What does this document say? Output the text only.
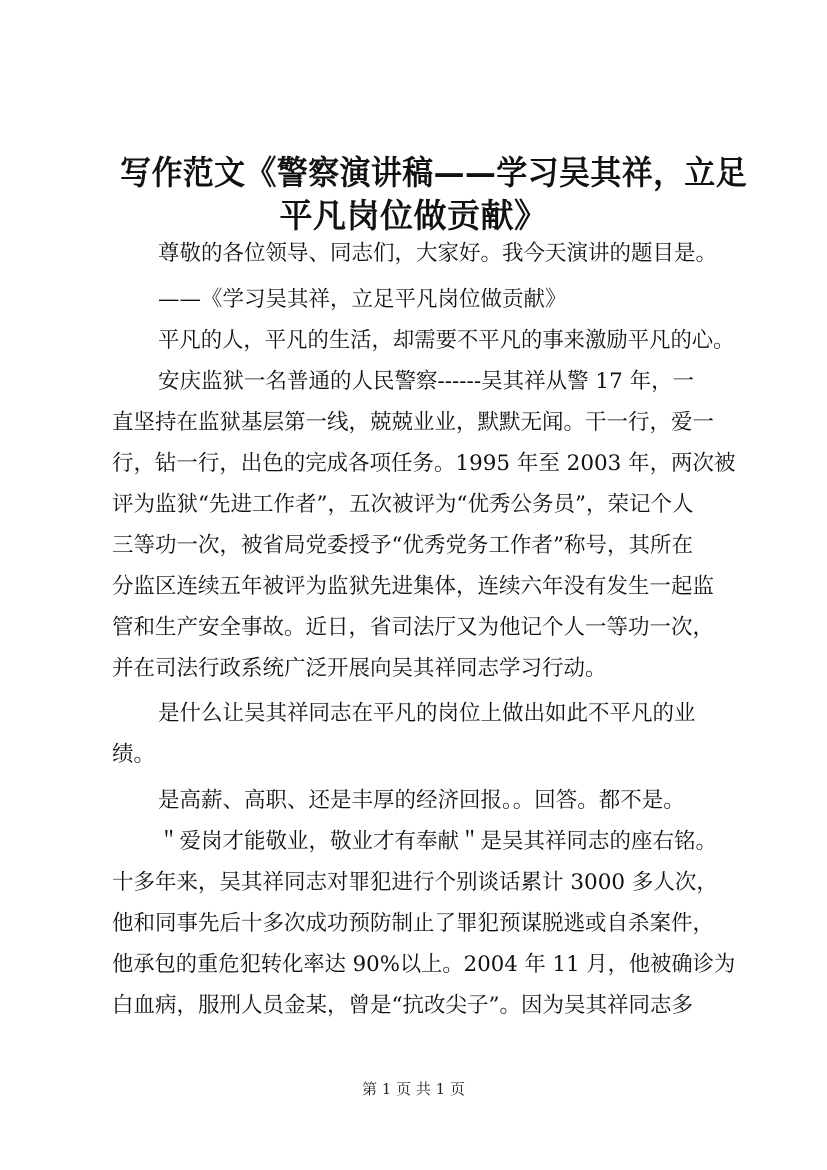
写作范文《警察演讲稿——学习吴其祥，立足
平凡岗位做贡献》
尊敬的各位领导、同志们，大家好。我今天演讲的题目是。
——《学习吴其祥，立足平凡岗位做贡献》
平凡的人，平凡的生活，却需要不平凡的事来激励平凡的心。
安庆监狱一名普通的人民警察------吴其祥从警 17 年，一
直坚持在监狱基层第一线，兢兢业业，默默无闻。干一行，爱一
行，钻一行，出色的完成各项任务。1995 年至 2003 年，两次被
评为监狱“先进工作者”，五次被评为“优秀公务员”，荣记个人
三等功一次，被省局党委授予“优秀党务工作者”称号，其所在
分监区连续五年被评为监狱先进集体，连续六年没有发生一起监
管和生产安全事故。近日，省司法厅又为他记个人一等功一次，
并在司法行政系统广泛开展向吴其祥同志学习行动。
是什么让吴其祥同志在平凡的岗位上做出如此不平凡的业
绩。
是高薪、高职、还是丰厚的经济回报。。回答。都不是。
＂爱岗才能敬业，敬业才有奉献＂是吴其祥同志的座右铭。
十多年来，吴其祥同志对罪犯进行个别谈话累计 3000 多人次，
他和同事先后十多次成功预防制止了罪犯预谋脱逃或自杀案件，
他承包的重危犯转化率达 90%以上。2004 年 11 月，他被确诊为
白血病，服刑人员金某，曾是“抗改尖子”。因为吴其祥同志多
第 1 页 共 1 页
